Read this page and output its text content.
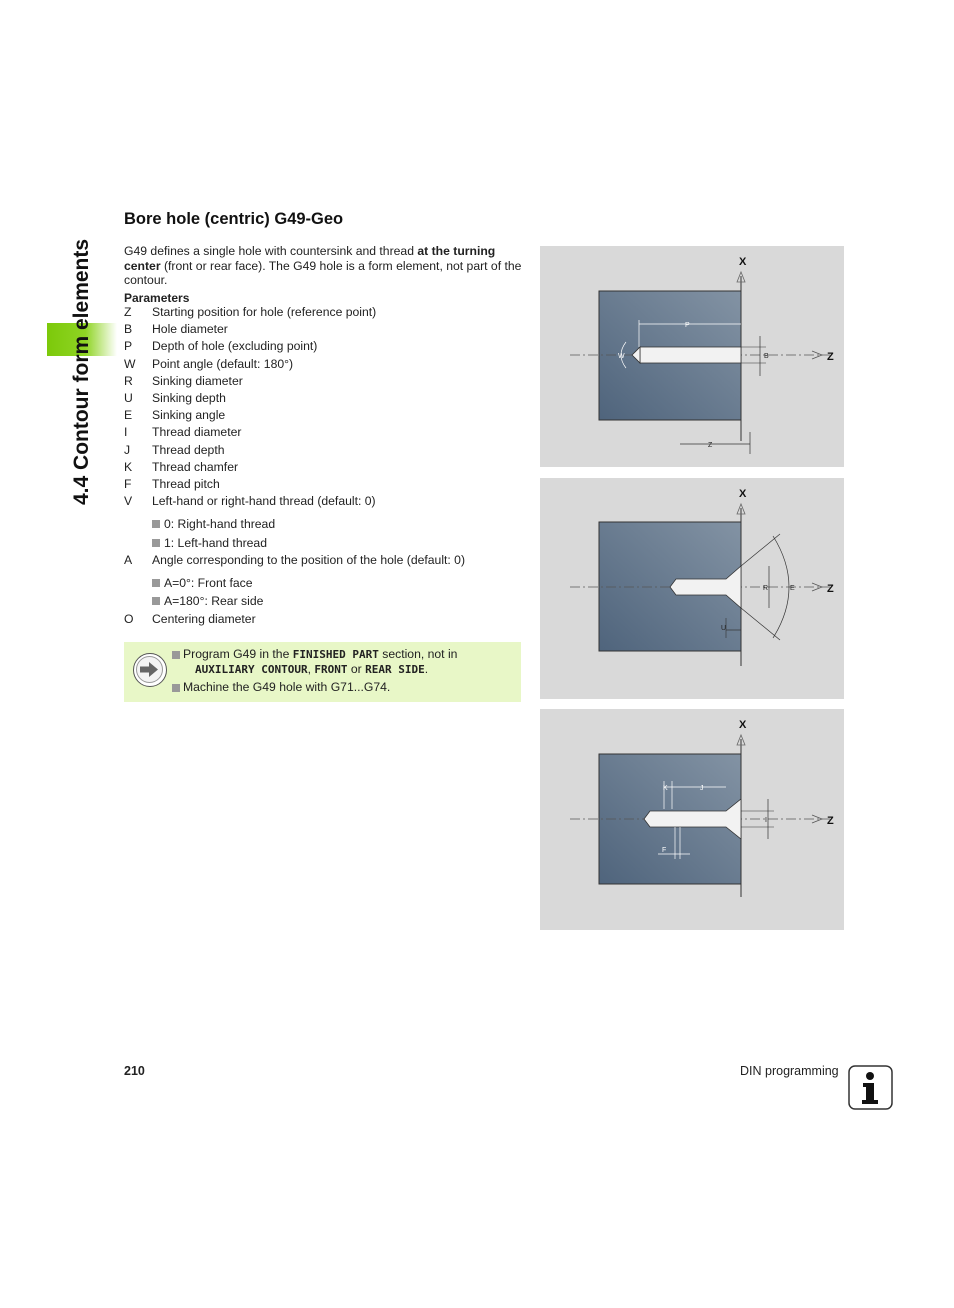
4.4 Contour form elements
Bore hole (centric) G49-Geo

G49 defines a single hole with countersink and thread at the turning center (front or rear face). The G49 hole is a form element, not part of the contour.

Parameters
Z Starting position for hole (reference point)
B Hole diameter
P Depth of hole (excluding point)
W Point angle (default: 180°)
R Sinking diameter
U Sinking depth
E Sinking angle
I Thread diameter
J Thread depth
K Thread chamfer
F Thread pitch
V Left-hand or right-hand thread (default: 0)
0: Right-hand thread
1: Left-hand thread
A Angle corresponding to the position of the hole (default: 0)
A=0°: Front face
A=180°: Rear side
O Centering diameter
Program G49 in the FINISHED PART section, not in
AUXILIARY CONTOUR, FRONT or REAR SIDE.
Machine the G49 hole with G71...G74.
X
Z
P
W	B
Z
X
Z
E
R
U
X
Z
K	J
I
F
210	DIN programming
